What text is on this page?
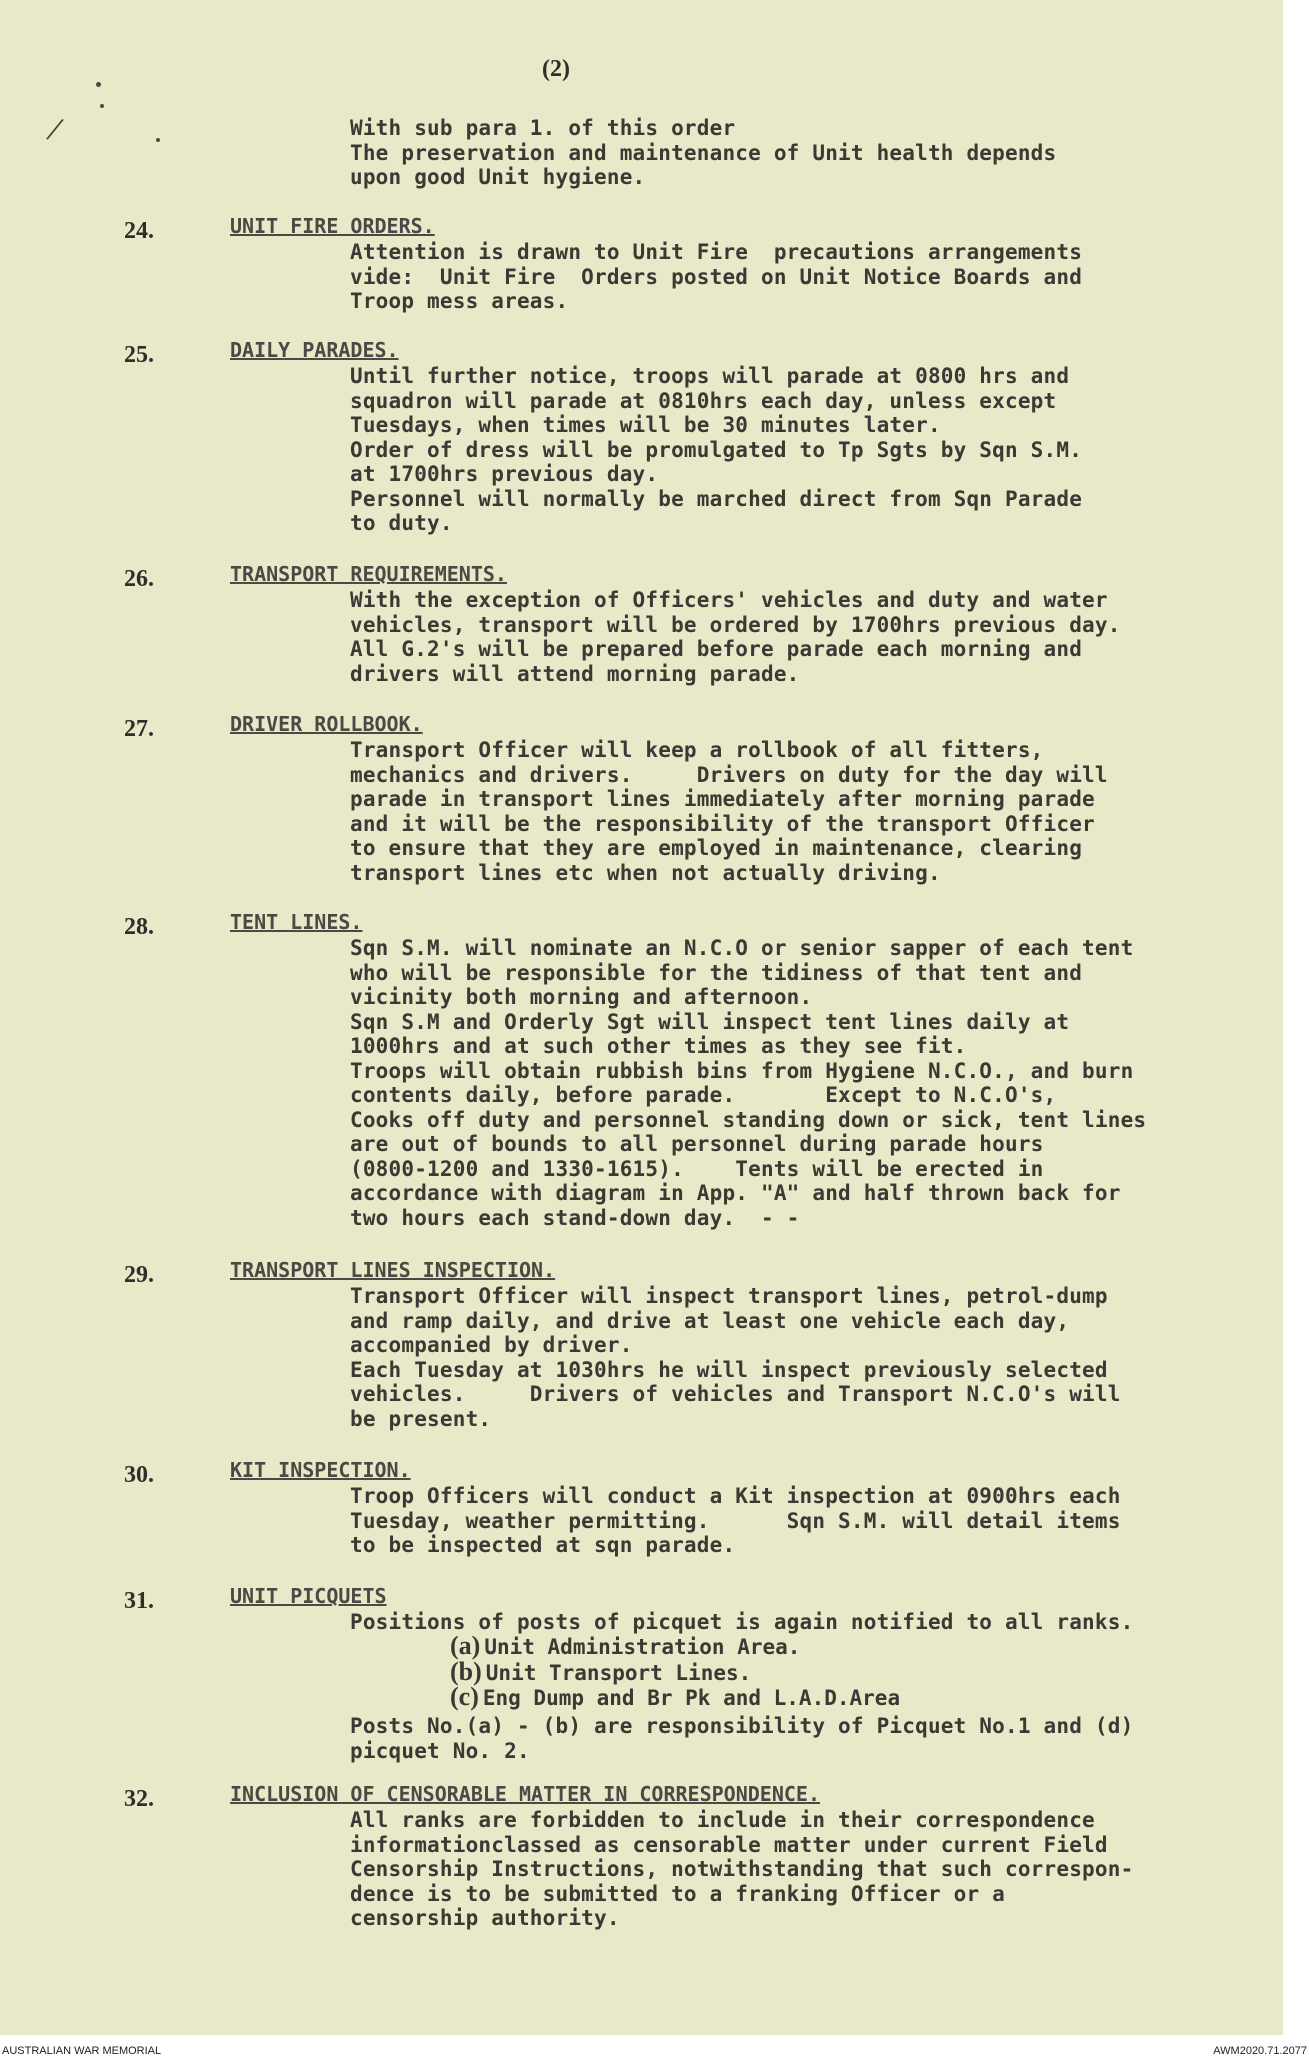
(2)
/	With sub para 1. of this order
The preservation and maintenance of Unit health depends
upon good Unit hygiene.
24.	UNIT FIRE ORDERS.
Attention is drawn to Unit Fire  precautions arrangements
vide:  Unit Fire  Orders posted on Unit Notice Boards and
Troop mess areas.
25.	DAILY PARADES.
Until further notice, troops will parade at 0800 hrs and
squadron will parade at 0810hrs each day, unless except
Tuesdays, when times will be 30 minutes later.
Order of dress will be promulgated to Tp Sgts by Sqn S.M.
at 1700hrs previous day.
Personnel will normally be marched direct from Sqn Parade
to duty.
26.	TRANSPORT REQUIREMENTS.
With the exception of Officers' vehicles and duty and water
vehicles, transport will be ordered by 1700hrs previous day.
All G.2's will be prepared before parade each morning and
drivers will attend morning parade.
27.	DRIVER ROLLBOOK.
Transport Officer will keep a rollbook of all fitters,
mechanics and drivers.     Drivers on duty for the day will
parade in transport lines immediately after morning parade
and it will be the responsibility of the transport Officer
to ensure that they are employed in maintenance, clearing
transport lines etc when not actually driving.
28.	TENT LINES.
Sqn S.M. will nominate an N.C.O or senior sapper of each tent
who will be responsible for the tidiness of that tent and
vicinity both morning and afternoon.
Sqn S.M and Orderly Sgt will inspect tent lines daily at
1000hrs and at such other times as they see fit.
Troops will obtain rubbish bins from Hygiene N.C.O., and burn
contents daily, before parade.       Except to N.C.O's,
Cooks off duty and personnel standing down or sick, tent lines
are out of bounds to all personnel during parade hours
(0800-1200 and 1330-1615).    Tents will be erected in
accordance with diagram in App. "A" and half thrown back for
two hours each stand-down day.  - -
29.	TRANSPORT LINES INSPECTION.
Transport Officer will inspect transport lines, petrol-dump
and ramp daily, and drive at least one vehicle each day,
accompanied by driver.
Each Tuesday at 1030hrs he will inspect previously selected
vehicles.     Drivers of vehicles and Transport N.C.O's will
be present.
30.	KIT INSPECTION.
Troop Officers will conduct a Kit inspection at 0900hrs each
Tuesday, weather permitting.      Sqn S.M. will detail items
to be inspected at sqn parade.
31.	UNIT PICQUETS
Positions of posts of picquet is again notified to all ranks.
(a) Unit Administration Area.
(b) Unit Transport Lines.
(c) Eng Dump and Br Pk and L.A.D.Area
Posts No.(a) - (b) are responsibility of Picquet No.1 and (d)
picquet No. 2.
32.	INCLUSION OF CENSORABLE MATTER IN CORRESPONDENCE.
All ranks are forbidden to include in their correspondence
informationclassed as censorable matter under current Field
Censorship Instructions, notwithstanding that such correspon-
dence is to be submitted to a franking Officer or a
censorship authority.
AUSTRALIAN WAR MEMORIAL	AWM2020.71.2077
